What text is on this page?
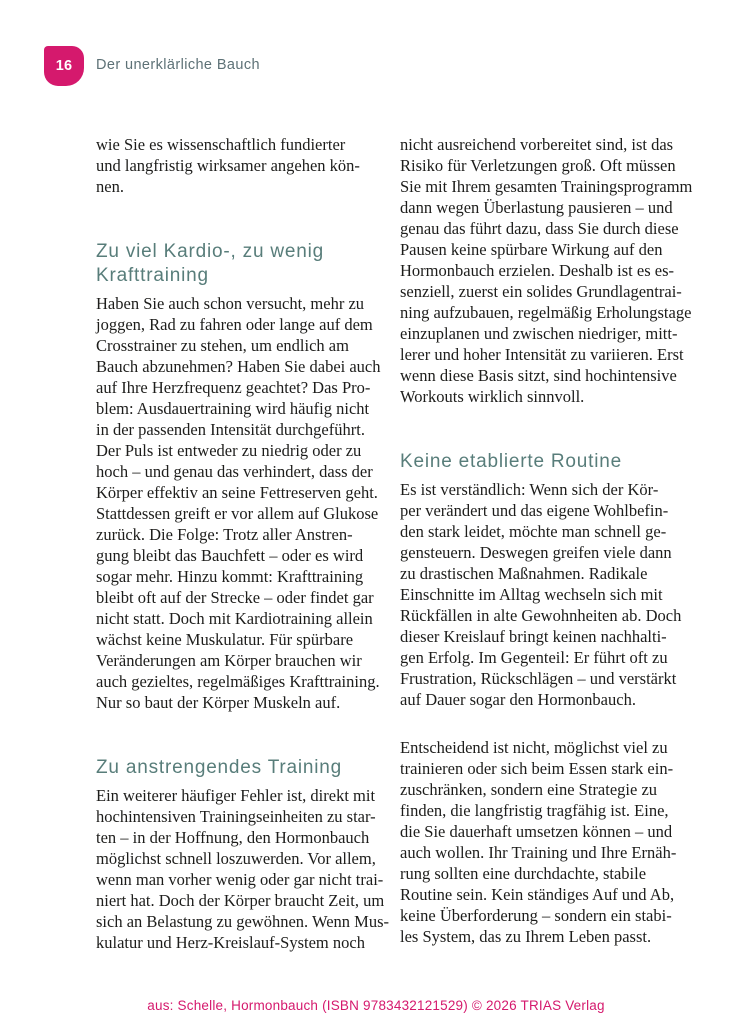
16 Der unerklärliche Bauch
wie Sie es wissenschaftlich fundierter
und langfristig wirksamer angehen kön-
nen.
Zu viel Kardio-, zu wenig
Krafttraining
Haben Sie auch schon versucht, mehr zu
joggen, Rad zu fahren oder lange auf dem
Crosstrainer zu stehen, um endlich am
Bauch abzunehmen? Haben Sie dabei auch
auf Ihre Herzfrequenz geachtet? Das Pro-
blem: Ausdauertraining wird häufig nicht
in der passenden Intensität durchgeführt.
Der Puls ist entweder zu niedrig oder zu
hoch – und genau das verhindert, dass der
Körper effektiv an seine Fettreserven geht.
Stattdessen greift er vor allem auf Glukose
zurück. Die Folge: Trotz aller Anstren-
gung bleibt das Bauchfett – oder es wird
sogar mehr. Hinzu kommt: Krafttraining
bleibt oft auf der Strecke – oder findet gar
nicht statt. Doch mit Kardiotraining allein
wächst keine Muskulatur. Für spürbare
Veränderungen am Körper brauchen wir
auch gezieltes, regelmäßiges Krafttraining.
Nur so baut der Körper Muskeln auf.
Zu anstrengendes Training
Ein weiterer häufiger Fehler ist, direkt mit
hochintensiven Trainingseinheiten zu star-
ten – in der Hoffnung, den Hormonbauch
möglichst schnell loszuwerden. Vor allem,
wenn man vorher wenig oder gar nicht trai-
niert hat. Doch der Körper braucht Zeit, um
sich an Belastung zu gewöhnen. Wenn Mus-
kulatur und Herz-Kreislauf-System noch
nicht ausreichend vorbereitet sind, ist das
Risiko für Verletzungen groß. Oft müssen
Sie mit Ihrem gesamten Trainingsprogramm
dann wegen Überlastung pausieren – und
genau das führt dazu, dass Sie durch diese
Pausen keine spürbare Wirkung auf den
Hormonbauch erzielen. Deshalb ist es es-
senziell, zuerst ein solides Grundlagentrai-
ning aufzubauen, regelmäßig Erholungstage
einzuplanen und zwischen niedriger, mitt-
lerer und hoher Intensität zu variieren. Erst
wenn diese Basis sitzt, sind hochintensive
Workouts wirklich sinnvoll.
Keine etablierte Routine
Es ist verständlich: Wenn sich der Kör-
per verändert und das eigene Wohlbefin-
den stark leidet, möchte man schnell ge-
gensteuern. Deswegen greifen viele dann
zu drastischen Maßnahmen. Radikale
Einschnitte im Alltag wechseln sich mit
Rückfällen in alte Gewohnheiten ab. Doch
dieser Kreislauf bringt keinen nachhalti-
gen Erfolg. Im Gegenteil: Er führt oft zu
Frustration, Rückschlägen – und verstärkt
auf Dauer sogar den Hormonbauch.
Entscheidend ist nicht, möglichst viel zu
trainieren oder sich beim Essen stark ein-
zuschränken, sondern eine Strategie zu
finden, die langfristig tragfähig ist. Eine,
die Sie dauerhaft umsetzen können – und
auch wollen. Ihr Training und Ihre Ernäh-
rung sollten eine durchdachte, stabile
Routine sein. Kein ständiges Auf und Ab,
keine Überforderung – sondern ein stabi-
les System, das zu Ihrem Leben passt.
aus: Schelle, Hormonbauch (ISBN 9783432121529) © 2026 TRIAS Verlag
